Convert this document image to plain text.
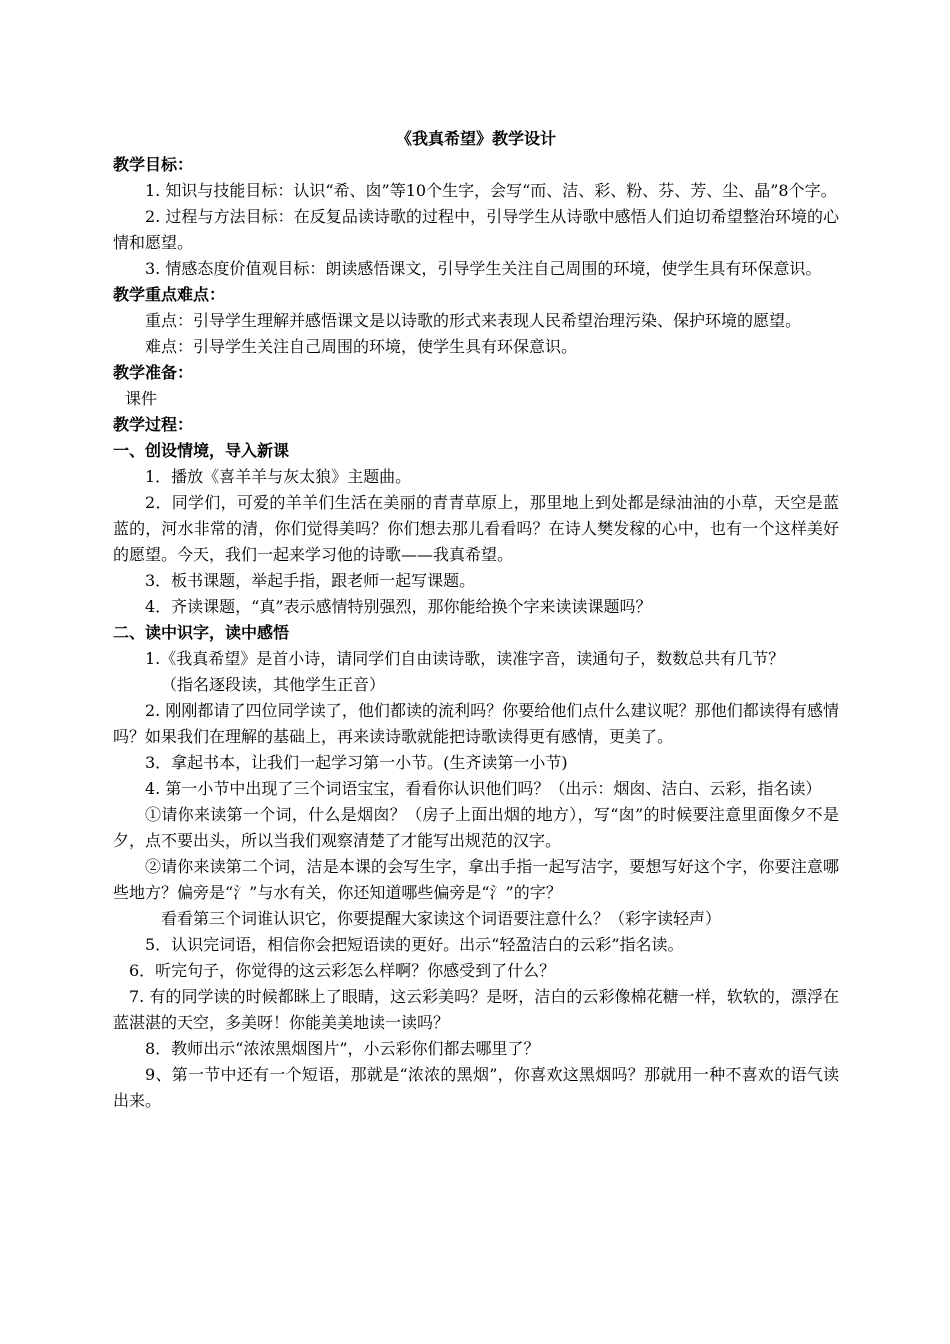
《我真希望》教学设计

教学目标：

1. 知识与技能目标：认识“希、囱”等10个生字，会写“而、洁、彩、粉、芬、芳、尘、晶”8个字。

2. 过程与方法目标：在反复品读诗歌的过程中，引导学生从诗歌中感悟人们迫切希望整治环境的心情和愿望。

3. 情感态度价值观目标：朗读感悟课文，引导学生关注自己周围的环境，使学生具有环保意识。

教学重点难点：

重点：引导学生理解并感悟课文是以诗歌的形式来表现人民希望治理污染、保护环境的愿望。

难点：引导学生关注自己周围的环境，使学生具有环保意识。

教学准备：

课件

教学过程：

一、创设情境，导入新课

1．播放《喜羊羊与灰太狼》主题曲。

2．同学们，可爱的羊羊们生活在美丽的青青草原上，那里地上到处都是绿油油的小草，天空是蓝蓝的，河水非常的清，你们觉得美吗？你们想去那儿看看吗？在诗人樊发稼的心中，也有一个这样美好的愿望。今天，我们一起来学习他的诗歌——我真希望。

3．板书课题，举起手指，跟老师一起写课题。

4．齐读课题，“真”表示感情特别强烈，那你能给换个字来读读课题吗？

二、读中识字，读中感悟

1.《我真希望》是首小诗，请同学们自由读诗歌，读准字音，读通句子，数数总共有几节？

（指名逐段读，其他学生正音）

2. 刚刚都请了四位同学读了，他们都读的流利吗？你要给他们点什么建议呢？那他们都读得有感情吗？如果我们在理解的基础上，再来读诗歌就能把诗歌读得更有感情，更美了。

3．拿起书本，让我们一起学习第一小节。(生齐读第一小节)

4. 第一小节中出现了三个词语宝宝，看看你认识他们吗？（出示：烟囱、洁白、云彩，指名读）

①请你来读第一个词，什么是烟囱？（房子上面出烟的地方），写“囱”的时候要注意里面像夕不是夕，点不要出头，所以当我们观察清楚了才能写出规范的汉字。

②请你来读第二个词，洁是本课的会写生字，拿出手指一起写洁字，要想写好这个字，你要注意哪些地方？偏旁是“氵”与水有关，你还知道哪些偏旁是“氵”的字？

看看第三个词谁认识它，你要提醒大家读这个词语要注意什么？（彩字读轻声）

5．认识完词语，相信你会把短语读的更好。出示“轻盈洁白的云彩”指名读。

6．听完句子，你觉得的这云彩怎么样啊？你感受到了什么？

7. 有的同学读的时候都眯上了眼睛，这云彩美吗？是呀，洁白的云彩像棉花糖一样，软软的，漂浮在蓝湛湛的天空，多美呀！你能美美地读一读吗？

8．教师出示“浓浓黑烟图片”，小云彩你们都去哪里了？

9、第一节中还有一个短语，那就是“浓浓的黑烟”，你喜欢这黑烟吗？那就用一种不喜欢的语气读出来。
